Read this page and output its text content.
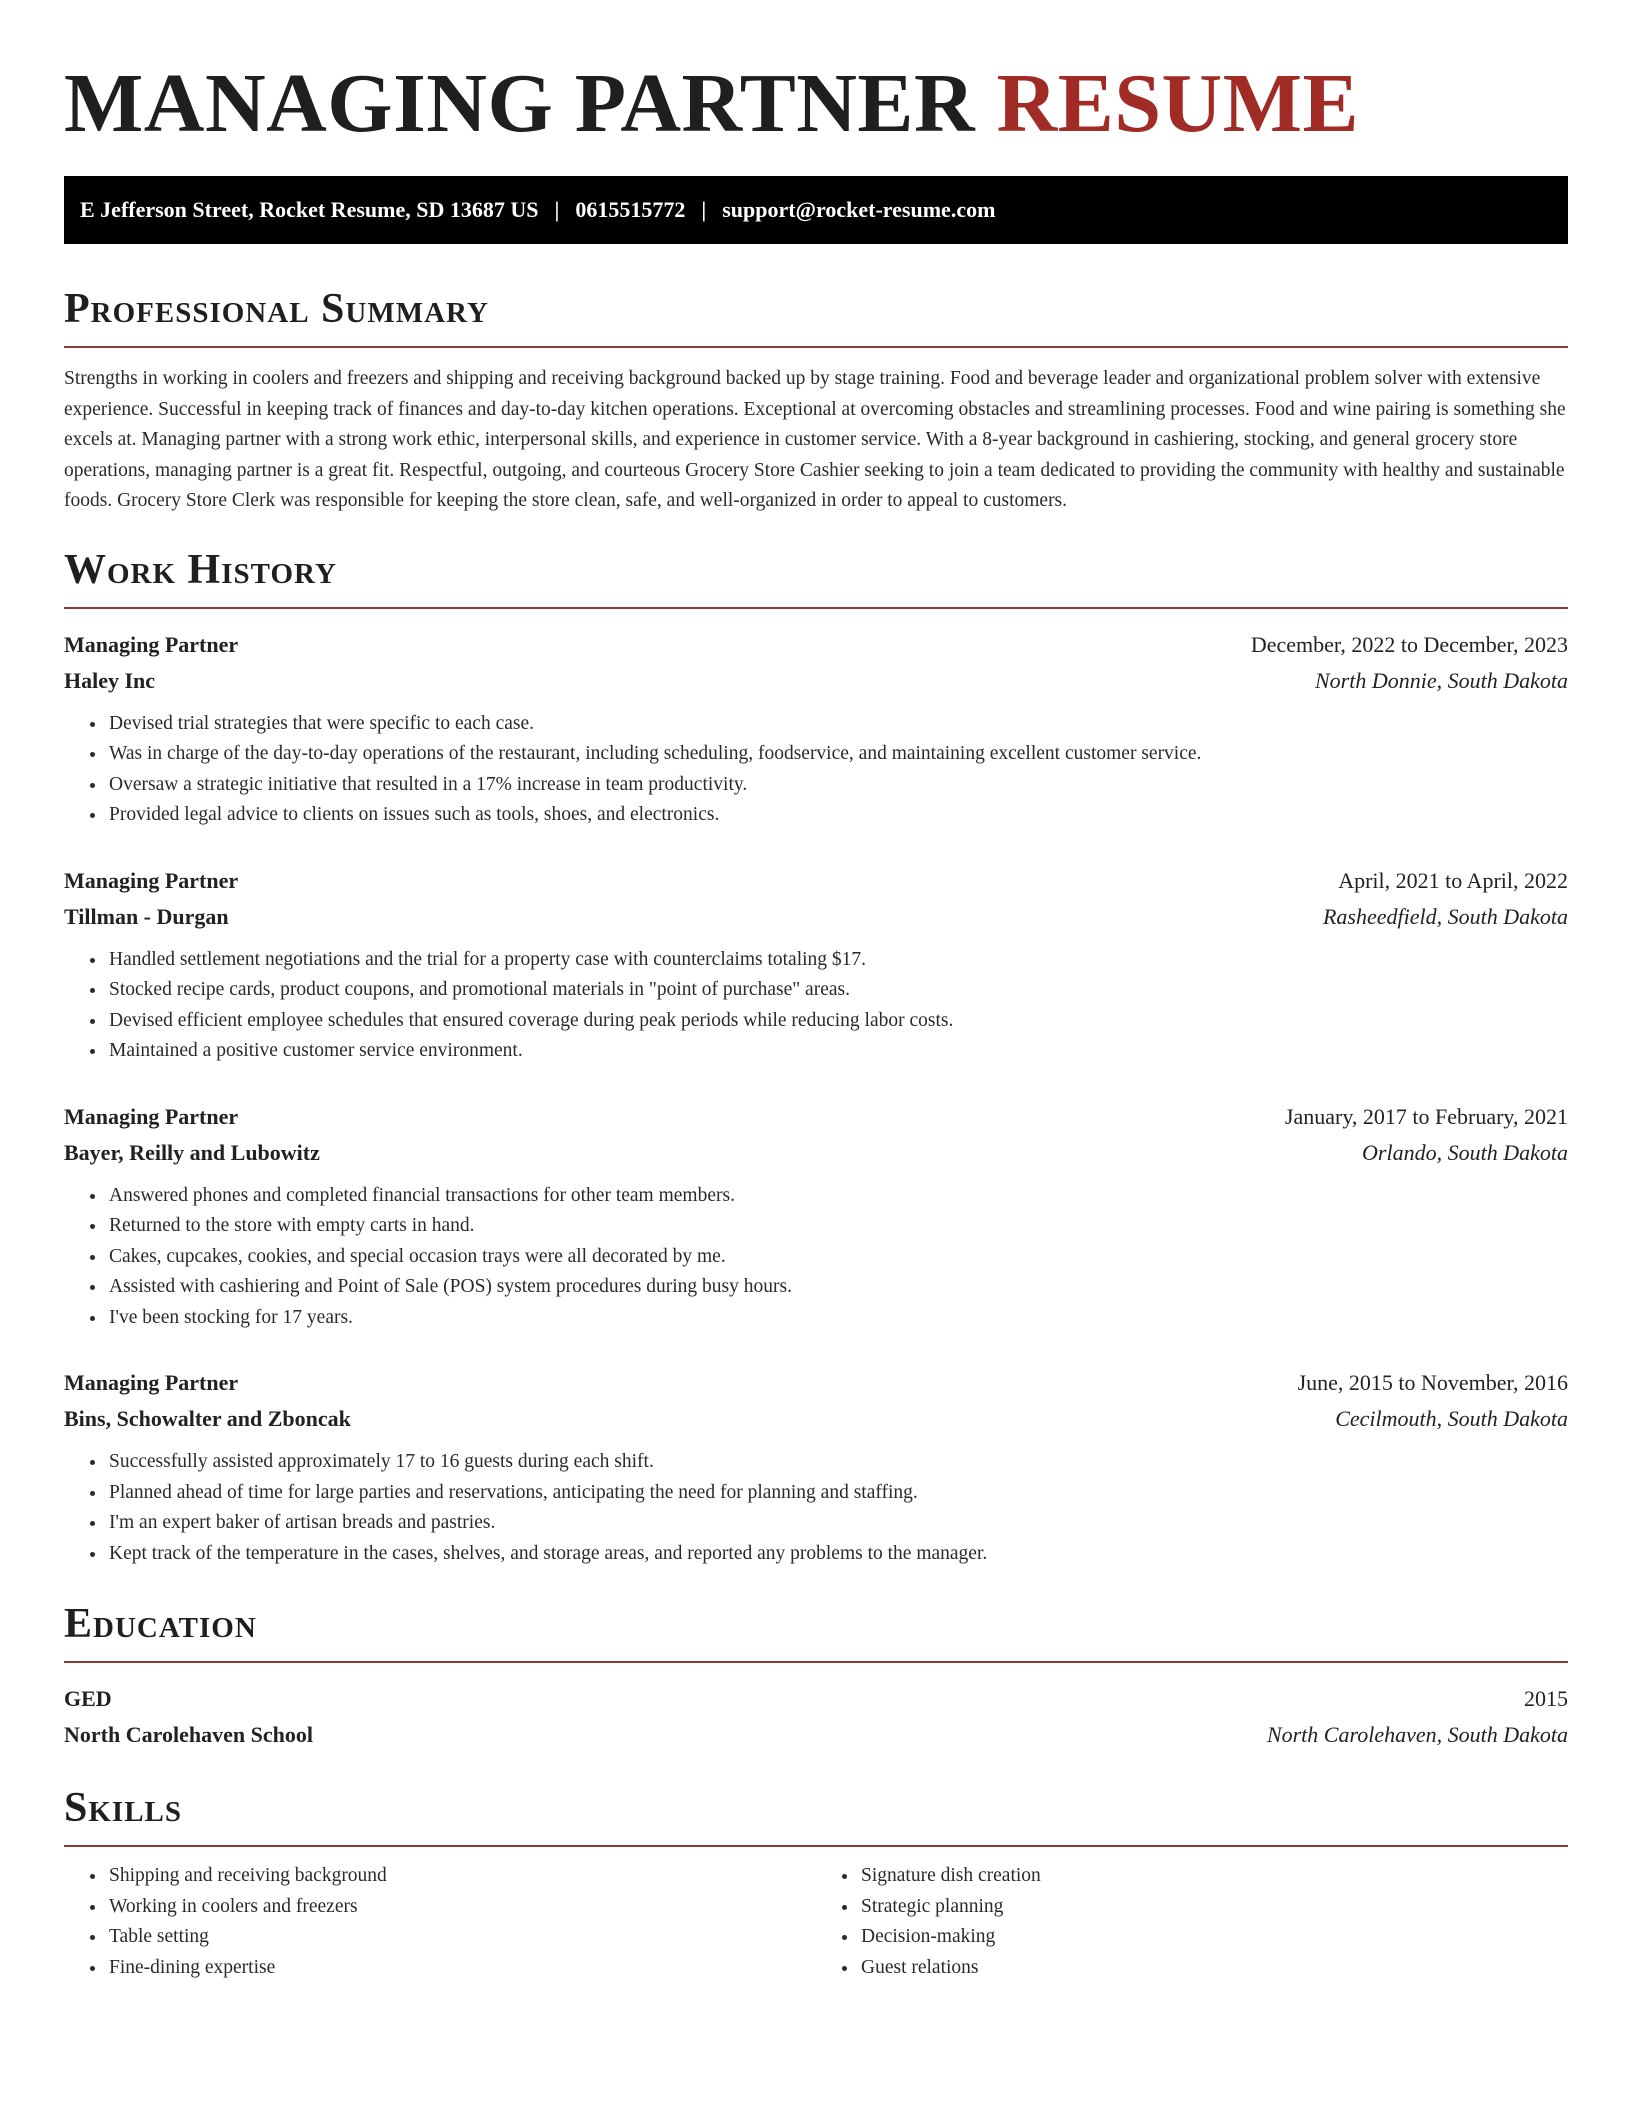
MANAGING PARTNER RESUME
E Jefferson Street, Rocket Resume, SD 13687 US | 0615515772 | support@rocket-resume.com
Professional Summary

Strengths in working in coolers and freezers and shipping and receiving background backed up by stage training. Food and beverage leader and organizational problem solver with extensive experience. Successful in keeping track of finances and day-to-day kitchen operations. Exceptional at overcoming obstacles and streamlining processes. Food and wine pairing is something she excels at. Managing partner with a strong work ethic, interpersonal skills, and experience in customer service. With a 8-year background in cashiering, stocking, and general grocery store operations, managing partner is a great fit. Respectful, outgoing, and courteous Grocery Store Cashier seeking to join a team dedicated to providing the community with healthy and sustainable foods. Grocery Store Clerk was responsible for keeping the store clean, safe, and well-organized in order to appeal to customers.

Work History
Managing Partner	December, 2022 to December, 2023
Haley Inc	North Donnie, South Dakota
• Devised trial strategies that were specific to each case.
• Was in charge of the day-to-day operations of the restaurant, including scheduling, foodservice, and maintaining excellent customer service.
• Oversaw a strategic initiative that resulted in a 17% increase in team productivity.
• Provided legal advice to clients on issues such as tools, shoes, and electronics.
Managing Partner	April, 2021 to April, 2022
Tillman - Durgan	Rasheedfield, South Dakota
• Handled settlement negotiations and the trial for a property case with counterclaims totaling $17.
• Stocked recipe cards, product coupons, and promotional materials in "point of purchase" areas.
• Devised efficient employee schedules that ensured coverage during peak periods while reducing labor costs.
• Maintained a positive customer service environment.
Managing Partner	January, 2017 to February, 2021
Bayer, Reilly and Lubowitz	Orlando, South Dakota
• Answered phones and completed financial transactions for other team members.
• Returned to the store with empty carts in hand.
• Cakes, cupcakes, cookies, and special occasion trays were all decorated by me.
• Assisted with cashiering and Point of Sale (POS) system procedures during busy hours.
• I've been stocking for 17 years.
Managing Partner	June, 2015 to November, 2016
Bins, Schowalter and Zboncak	Cecilmouth, South Dakota
• Successfully assisted approximately 17 to 16 guests during each shift.
• Planned ahead of time for large parties and reservations, anticipating the need for planning and staffing.
• I'm an expert baker of artisan breads and pastries.
• Kept track of the temperature in the cases, shelves, and storage areas, and reported any problems to the manager.
Education
GED	2015
North Carolehaven School	North Carolehaven, South Dakota
Skills
• Shipping and receiving background
• Working in coolers and freezers
• Table setting
• Fine-dining expertise
• Signature dish creation
• Strategic planning
• Decision-making
• Guest relations
